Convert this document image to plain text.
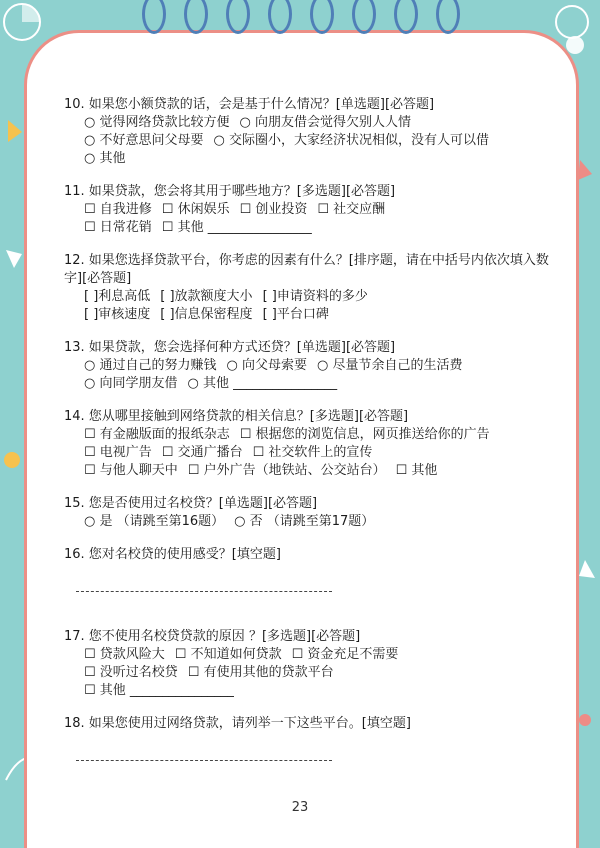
10. 如果您小额贷款的话，会是基于什么情况？[单选题][必答题]
○ 觉得网络贷款比较方便 ○ 向朋友借会觉得欠别人人情
○ 不好意思问父母要 ○ 交际圈小，大家经济状况相似，没有人可以借
○ 其他
11. 如果贷款，您会将其用于哪些地方？[多选题][必答题]
☐ 自我进修 ☐ 休闲娱乐 ☐ 创业投资 ☐ 社交应酬
☐ 日常花销 ☐ 其他 ________________
12. 如果您选择贷款平台，你考虑的因素有什么？[排序题，请在中括号内依次填入数字][必答题]
[ ]利息高低 [ ]放款额度大小 [ ]申请资料的多少
[ ]审核速度 [ ]信息保密程度 [ ]平台口碑
13. 如果贷款，您会选择何种方式还贷？[单选题][必答题]
○ 通过自己的努力赚钱 ○ 向父母索要 ○ 尽量节余自己的生活费
○ 向同学朋友借 ○ 其他 ________________
14. 您从哪里接触到网络贷款的相关信息？[多选题][必答题]
☐ 有金融版面的报纸杂志 ☐ 根据您的浏览信息，网页推送给你的广告
☐ 电视广告 ☐ 交通广播台 ☐ 社交软件上的宣传
☐ 与他人聊天中 ☐ 户外广告（地铁站、公交站台） ☐ 其他
15. 您是否使用过名校贷？[单选题][必答题]
○ 是 （请跳至第16题） ○ 否 （请跳至第17题）
16. 您对名校贷的使用感受？[填空题]
17. 您不使用名校贷贷款的原因 ？[多选题][必答题]
☐ 贷款风险大 ☐ 不知道如何贷款 ☐ 资金充足不需要
☐ 没听过名校贷 ☐ 有使用其他的贷款平台
☐ 其他 ________________
18. 如果您使用过网络贷款，请列举一下这些平台。[填空题]
23
